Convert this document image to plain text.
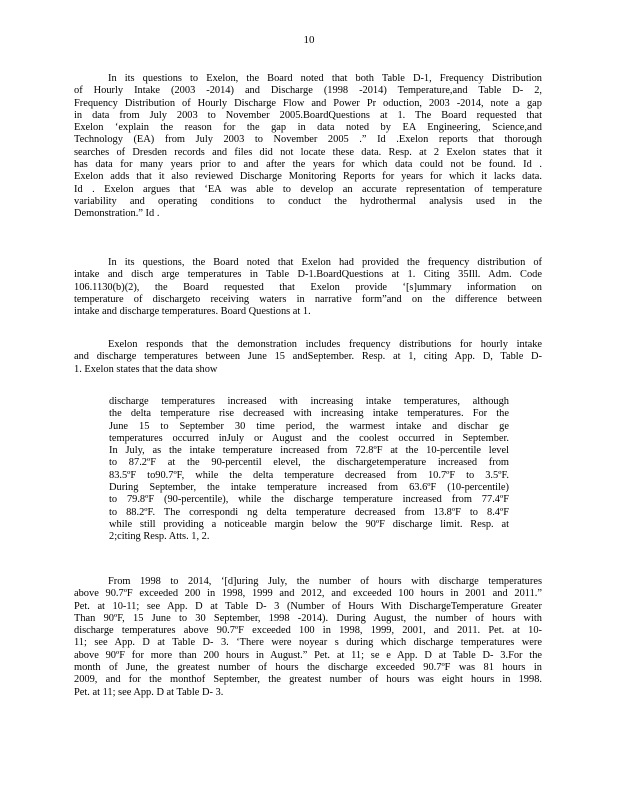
10
In its questions to Exelon, the Board noted that both Table D-1, Frequency Distribution
of Hourly Intake (2003 -2014) and Discharge (1998 -2014) Temperature,and Table D- 2,
Frequency Distribution of Hourly Discharge Flow and Power Pr oduction, 2003 -2014, note a gap
in data from July 2003 to November 2005.BoardQuestions at 1. The Board requested that
Exelon ‘explain the reason for the gap in data noted by EA Engineering, Science,and
Technology (EA) from July 2003 to November 2005 .” Id .Exelon reports that thorough
searches of Dresden records and files did not locate these data. Resp. at 2 Exelon states that it
has data for many years prior to and after the years for which data could not be found. Id .
Exelon adds that it also reviewed Discharge Monitoring Reports for years for which it lacks data.
Id . Exelon argues that ‘EA was able to develop an accurate representation of temperature
variability and operating conditions to conduct the hydrothermal analysis used in the
Demonstration.” Id .
In its questions, the Board noted that Exelon had provided the frequency distribution of
intake and disch arge temperatures in Table D-1.BoardQuestions at 1. Citing 35Ill. Adm. Code
106.1130(b)(2), the Board requested that Exelon provide ‘[s]ummary information on
temperature of dischargeto receiving waters in narrative form”and on the difference between
intake and discharge temperatures. Board Questions at 1.
Exelon responds that the demonstration includes frequency distributions for hourly intake
and discharge temperatures between June 15 andSeptember. Resp. at 1, citing App. D, Table D-
1. Exelon states that the data show
discharge temperatures increased with increasing intake temperatures, although
the delta temperature rise decreased with increasing intake temperatures. For the
June 15 to September 30 time period, the warmest intake and dischar ge
temperatures occurred inJuly or August and the coolest occurred in September.
In July, as the intake temperature increased from 72.8ºF at the 10-percentile level
to 87.2ºF at the 90-percentil elevel, the dischargetemperature increased from
83.5ºF to90.7ºF, while the delta temperature decreased from 10.7ºF to 3.5ºF.
During September, the intake temperature increased from 63.6ºF (10-percentile)
to 79.8ºF (90-percentile), while the discharge temperature increased from 77.4ºF
to 88.2ºF. The correspondi ng delta temperature decreased from 13.8ºF to 8.4ºF
while still providing a noticeable margin below the 90ºF discharge limit. Resp. at
2;citing Resp. Atts. 1, 2.
From 1998 to 2014, ‘[d]uring July, the number of hours with discharge temperatures
above 90.7ºF exceeded 200 in 1998, 1999 and 2012, and exceeded 100 hours in 2001 and 2011.”
Pet. at 10-11; see App. D at Table D- 3 (Number of Hours With DischargeTemperature Greater
Than 90ºF, 15 June to 30 September, 1998 -2014). During August, the number of hours with
discharge temperatures above 90.7ºF exceeded 100 in 1998, 1999, 2001, and 2011. Pet. at 10-
11; see App. D at Table D- 3. ‘There were noyear s during which discharge temperatures were
above 90ºF for more than 200 hours in August.” Pet. at 11; se e App. D at Table D- 3.For the
month of June, the greatest number of hours the discharge exceeded 90.7ºF was 81 hours in
2009, and for the monthof September, the greatest number of hours was eight hours in 1998.
Pet. at 11; see App. D at Table D- 3.
